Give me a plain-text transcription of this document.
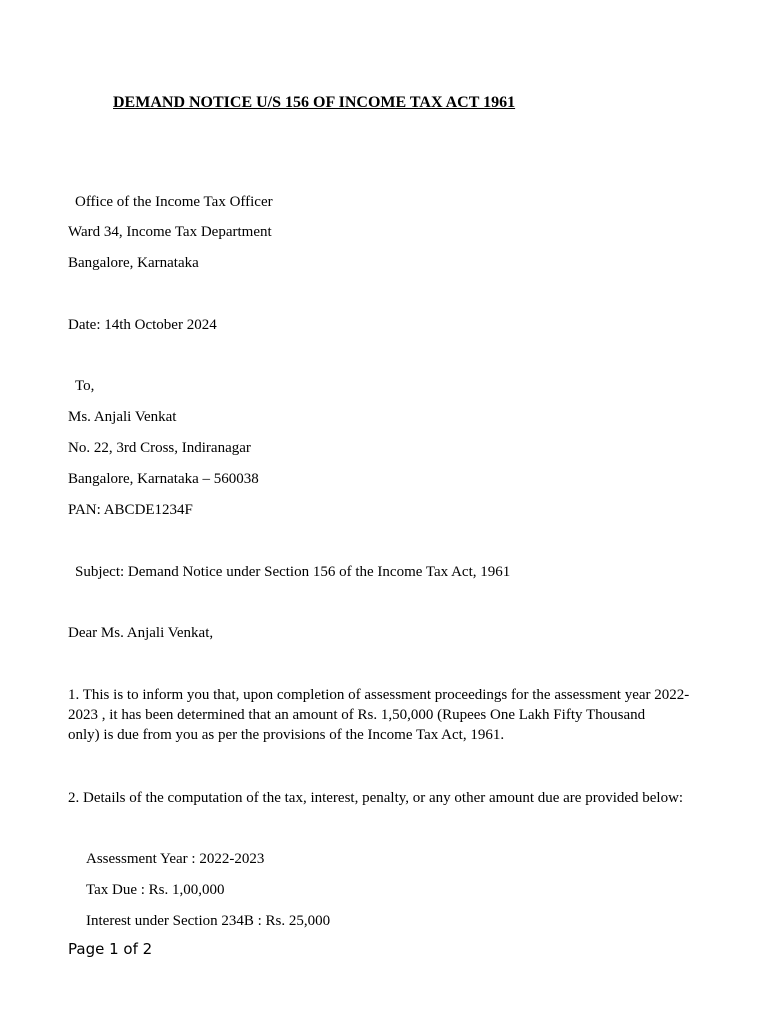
DEMAND NOTICE U/S 156 OF INCOME TAX ACT 1961
Office of the Income Tax Officer
Ward 34, Income Tax Department
Bangalore, Karnataka
Date: 14th October 2024
To,
Ms. Anjali Venkat
No. 22, 3rd Cross, Indiranagar
Bangalore, Karnataka – 560038
PAN: ABCDE1234F
Subject: Demand Notice under Section 156 of the Income Tax Act, 1961
Dear Ms. Anjali Venkat,
1. This is to inform you that, upon completion of assessment proceedings for the assessment year 2022-
2023 , it has been determined that an amount of Rs. 1,50,000 (Rupees One Lakh Fifty Thousand
only) is due from you as per the provisions of the Income Tax Act, 1961.
2. Details of the computation of the tax, interest, penalty, or any other amount due are provided below:
Assessment Year : 2022-2023
Tax Due : Rs. 1,00,000
Interest under Section 234B : Rs. 25,000
Page 1 of 2
